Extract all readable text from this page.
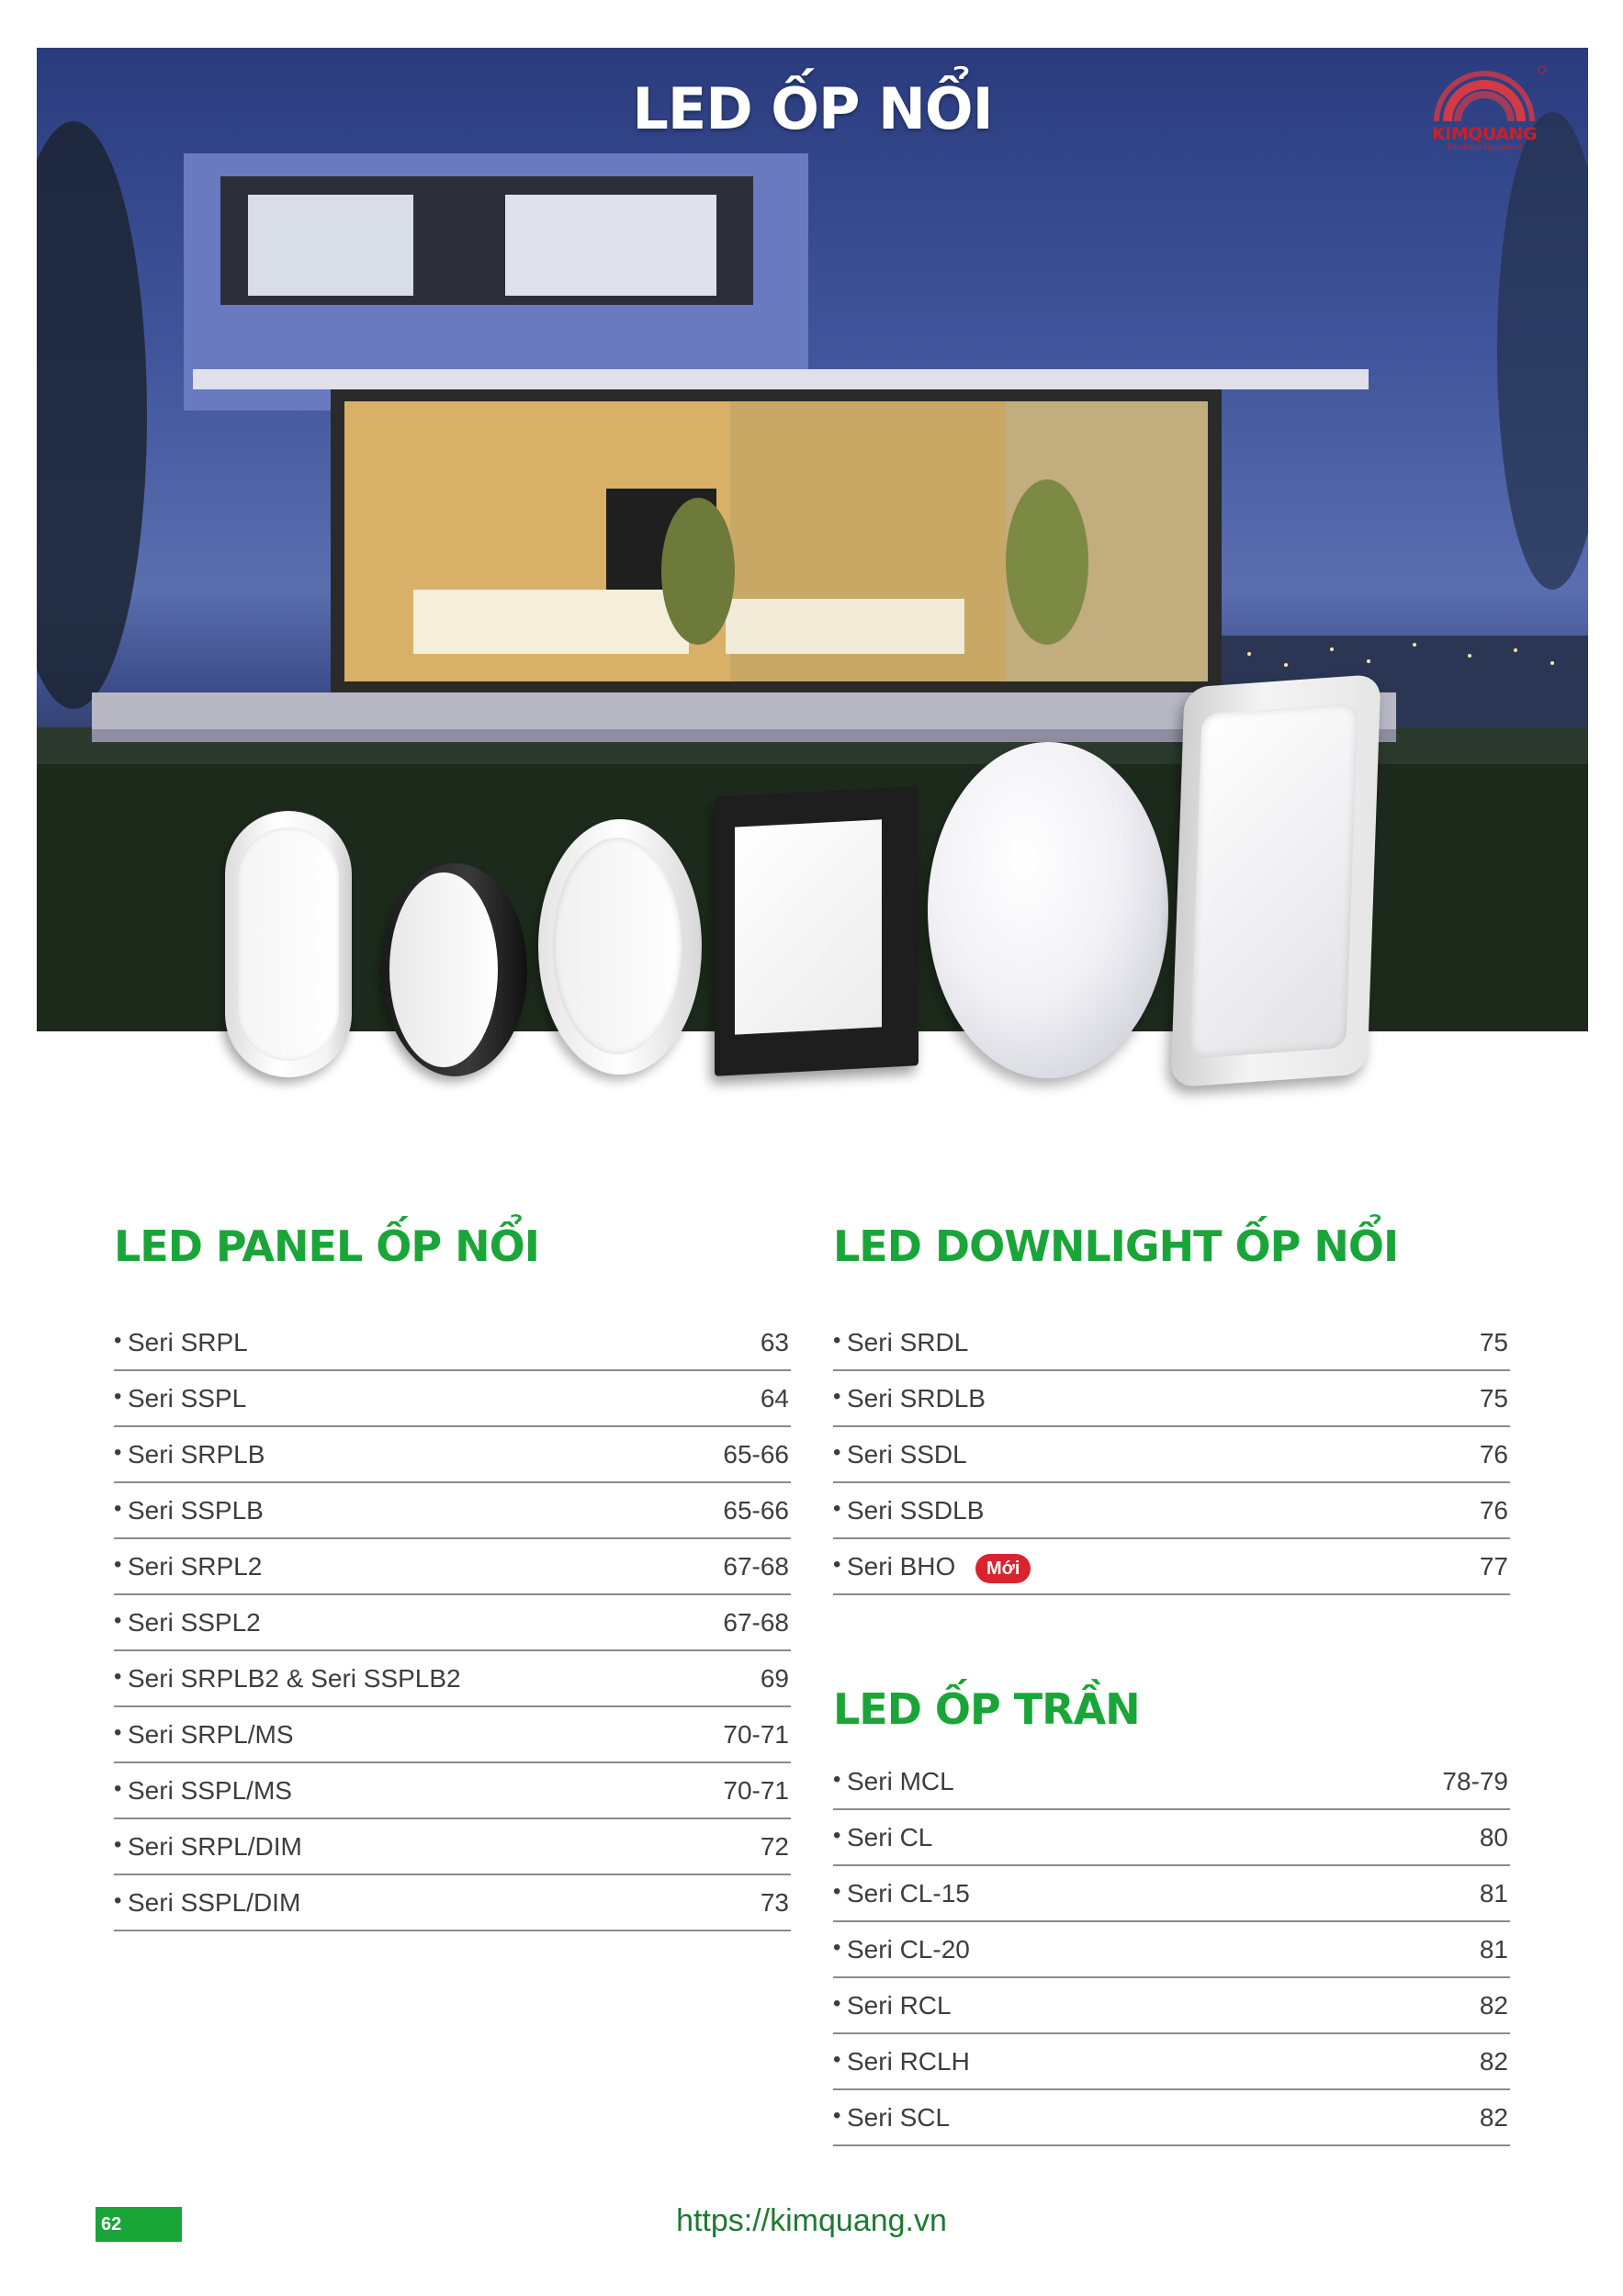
LED ỐP NỔI	KIMQUANG
Electrical equipment
LED PANEL ỐP NỔI
• Seri SRPL	63
• Seri SSPL	64
• Seri SRPLB	65-66
• Seri SSPLB	65-66
• Seri SRPL2	67-68
• Seri SSPL2	67-68
• Seri SRPLB2 & Seri SSPLB2	69
• Seri SRPL/MS	70-71
• Seri SSPL/MS	70-71
• Seri SRPL/DIM	72
• Seri SSPL/DIM	73
LED DOWNLIGHT ỐP NỔI
• Seri SRDL	75
• Seri SRDLB	75
• Seri SSDL	76
• Seri SSDLB	76
• Seri BHO	Mới	77
LED ỐP TRẦN
• Seri MCL	78-79
• Seri CL	80
• Seri CL-15	81
• Seri CL-20	81
• Seri RCL	82
• Seri RCLH	82
• Seri SCL	82
62	https://kimquang.vn
